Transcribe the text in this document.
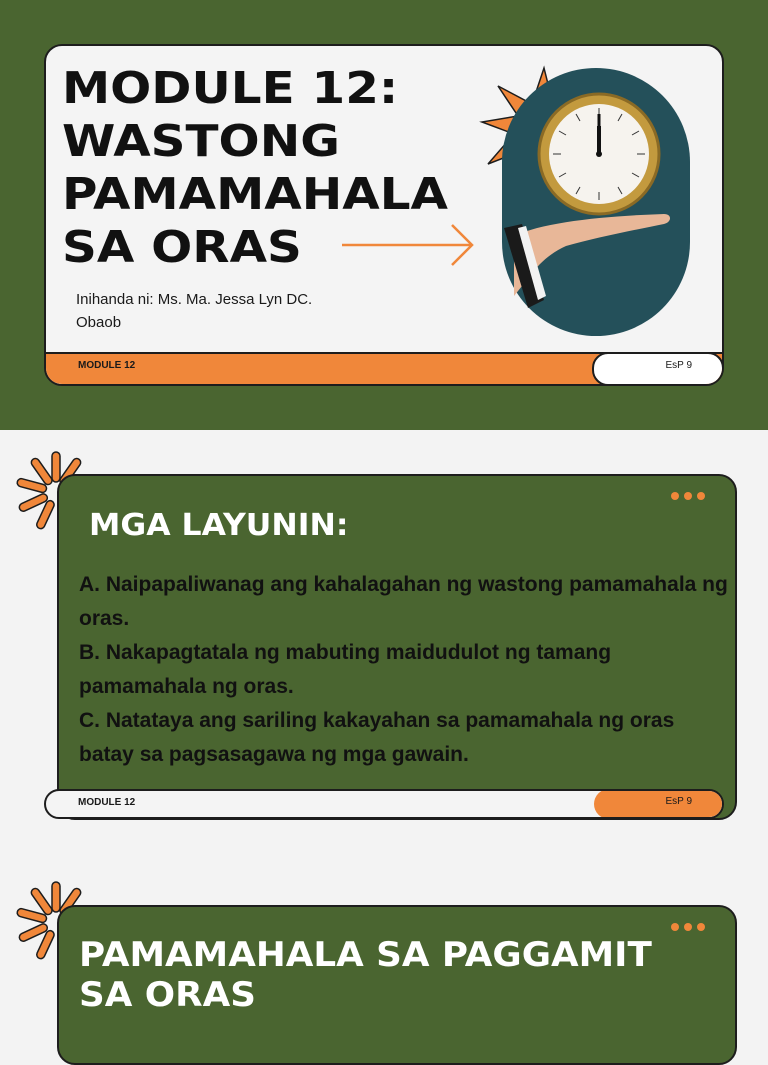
MODULE 12:
WASTONG
PAMAMAHALA
SA ORAS
Inihanda ni: Ms. Ma. Jessa Lyn DC. Obaob
MODULE 12	EsP 9
MGA LAYUNIN:
A. Naipapaliwanag ang kahalagahan ng wastong pamamahala ng oras.
B. Nakapagtatala ng mabuting maidudulot ng tamang pamamahala ng oras.
C. Natataya ang sariling kakayahan sa pamamahala ng oras batay sa pagsasagawa ng mga gawain.
MODULE 12	EsP 9
PAMAMAHALA SA PAGGAMIT SA ORAS
